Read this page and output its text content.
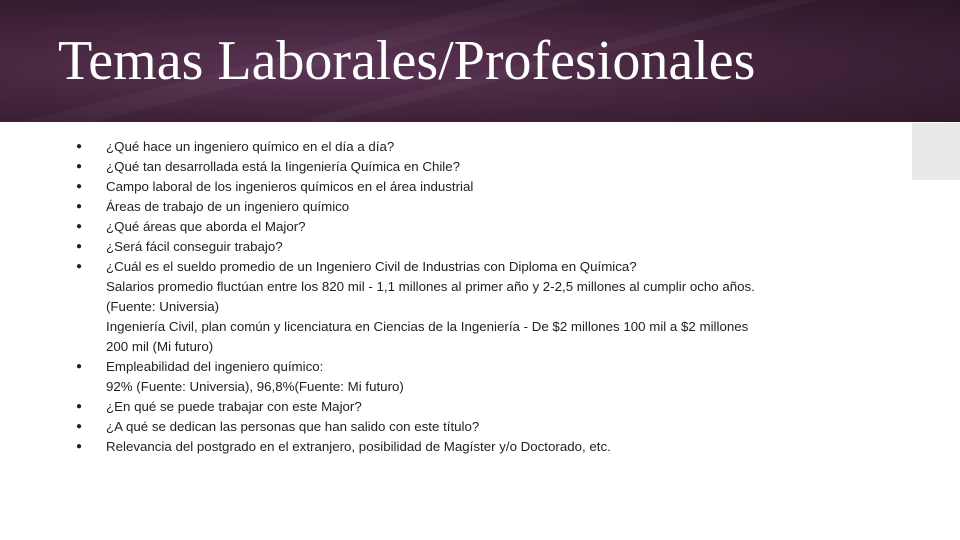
Temas Laborales/Profesionales
● ¿Qué hace un ingeniero químico en el día a día?
● ¿Qué tan desarrollada está la Iingeniería Química en Chile?
● Campo laboral de los ingenieros químicos en el área industrial
● Áreas de trabajo de un ingeniero químico
● ¿Qué áreas que aborda el Major?
● ¿Será fácil conseguir trabajo?
● ¿Cuál es el sueldo promedio de un Ingeniero Civil de Industrias con Diploma en Química?
Salarios promedio fluctúan entre los 820 mil - 1,1 millones al primer año y 2-2,5 millones al cumplir ocho años.
(Fuente: Universia)
Ingeniería Civil, plan común y licenciatura en Ciencias de la Ingeniería - De $2 millones 100 mil a $2 millones
200 mil (Mi futuro)
● Empleabilidad del ingeniero químico:
92% (Fuente: Universia), 96,8%(Fuente: Mi futuro)
● ¿En qué se puede trabajar con este Major?
● ¿A qué se dedican las personas que han salido con este título?
● Relevancia del postgrado en el extranjero, posibilidad de Magíster y/o Doctorado, etc.
